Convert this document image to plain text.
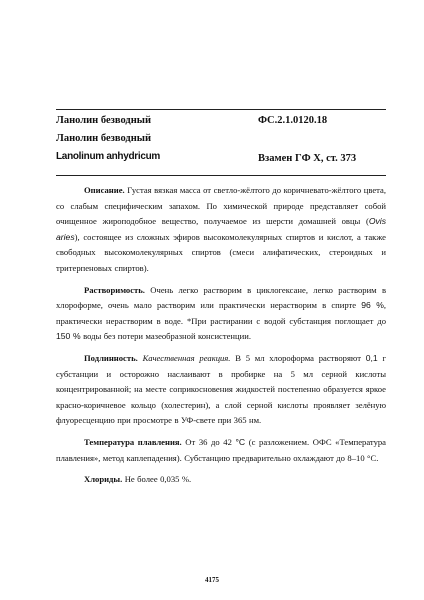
Ланолин безводный	ФС.2.1.0120.18
Ланолин безводный
Lanolinum anhydricum	Взамен ГФ X, ст. 373

Описание. Густая вязкая масса от светло-жёлтого до коричневато-жёлтого цвета, со слабым специфическим запахом. По химической природе представляет собой очищенное жироподобное вещество, получаемое из шерсти домашней овцы (Ovis aries), состоящее из сложных эфиров высокомолекулярных спиртов и кислот, а также свободных высокомолекулярных спиртов (смеси алифатических, стероидных и тритерпеновых спиртов).

Растворимость. Очень легко растворим в циклогексане, легко растворим в хлороформе, очень мало растворим или практически нерастворим в спирте 96 %, практически нерастворим в воде. *При растирании с водой субстанция поглощает до 150 % воды без потери мазеобразной консистенции.

Подлинность. Качественная реакция. В 5 мл хлороформа растворяют 0,1 г субстанции и осторожно наслаивают в пробирке на 5 мл серной кислоты концентрированной; на месте соприкосновения жидкостей постепенно образуется яркое красно-коричневое кольцо (холестерин), а слой серной кислоты проявляет зелёную флуоресценцию при просмотре в УФ-свете при 365 нм.

Температура плавления. От 36 до 42 °С (с разложением. ОФС «Температура плавления», метод каплепадения). Субстанцию предварительно охлаждают до 8–10 °С.

Хлориды. Не более 0,035 %.

4175
